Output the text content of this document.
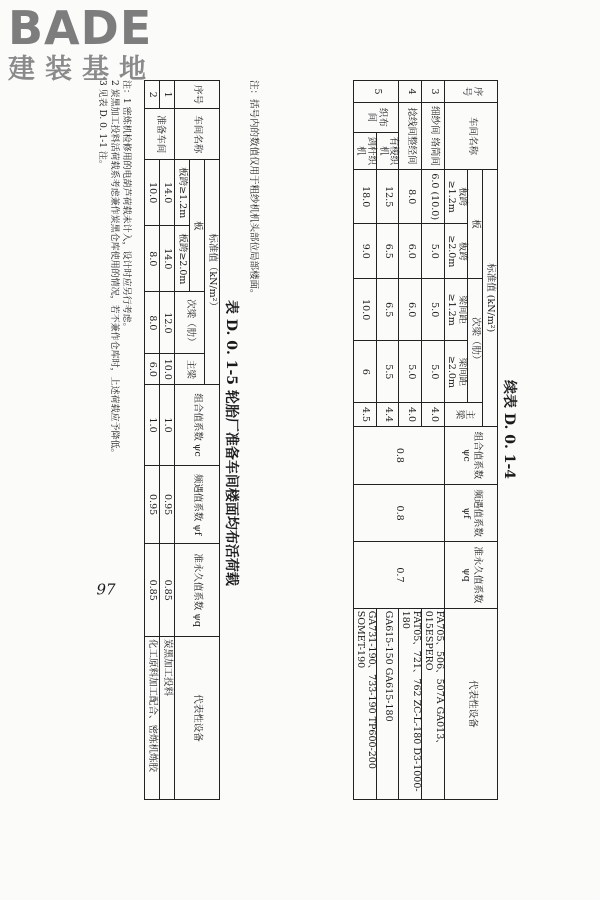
BADE
建装基地
续表 D. 0. 1-4
序号	车间名称		标准值 (kN/m²)					组合值系数 ψc	频遇值系数 ψf	准永久值系数 ψq	代表性设备
			板		次梁（肋）		主梁				
			板跨 ≥1.2m	板跨 ≥2.0m	梁间距 ≥1.2m	梁间距 ≥2.0m					
3	细纱间 络筒间		6.0 (10.0)	5.0	5.0	5.0	4.0	0.8	0.8	0.7	FA705、506、507A GA013、015ESPERO
4	捻线间整经间		8.0	6.0	6.0	5.0	4.0				FAT05、721、762 ZC-L-180 D3-1000-180
5	织布间	有梭织机	12.5	6.5	6.5	5.5	4.4				GA615-150 GA615-180
		剑杆织机	18.0	9.0	10.0	6	4.5				GA731-190、733-190 TP600-200 SOMET-190
注：括号内的数值仅用于粗纱机机头部位局部楼面。
表 D. 0. 1-5 轮胎厂准备车间楼面均布活荷载
序号	车间名称	标准值（kN/m²）				组合值系数 ψc	频遇值系数 ψf	准永久值系数 ψq	代表性设备
		板		次梁（肋）	主梁				
		板跨≥1.2m	板跨≥2.0m						
1	准备车间	14.0	14.0	12.0	10.0	1.0	0.95	0.85	炭黑加工投料
2		10.0	8.0	8.0	6.0	1.0	0.95	0.85	化工原料加工配合、密炼机炼胶
注：1 密炼机检修用的电葫芦荷载未计入，设计时应另行考虑。
2 炭黑加工投料活荷载系考虑兼作炭黑仓库使用的情况，若不兼作仓库时，上述荷载应予降低。
3 见表 D. 0. 1-1 注。
97
